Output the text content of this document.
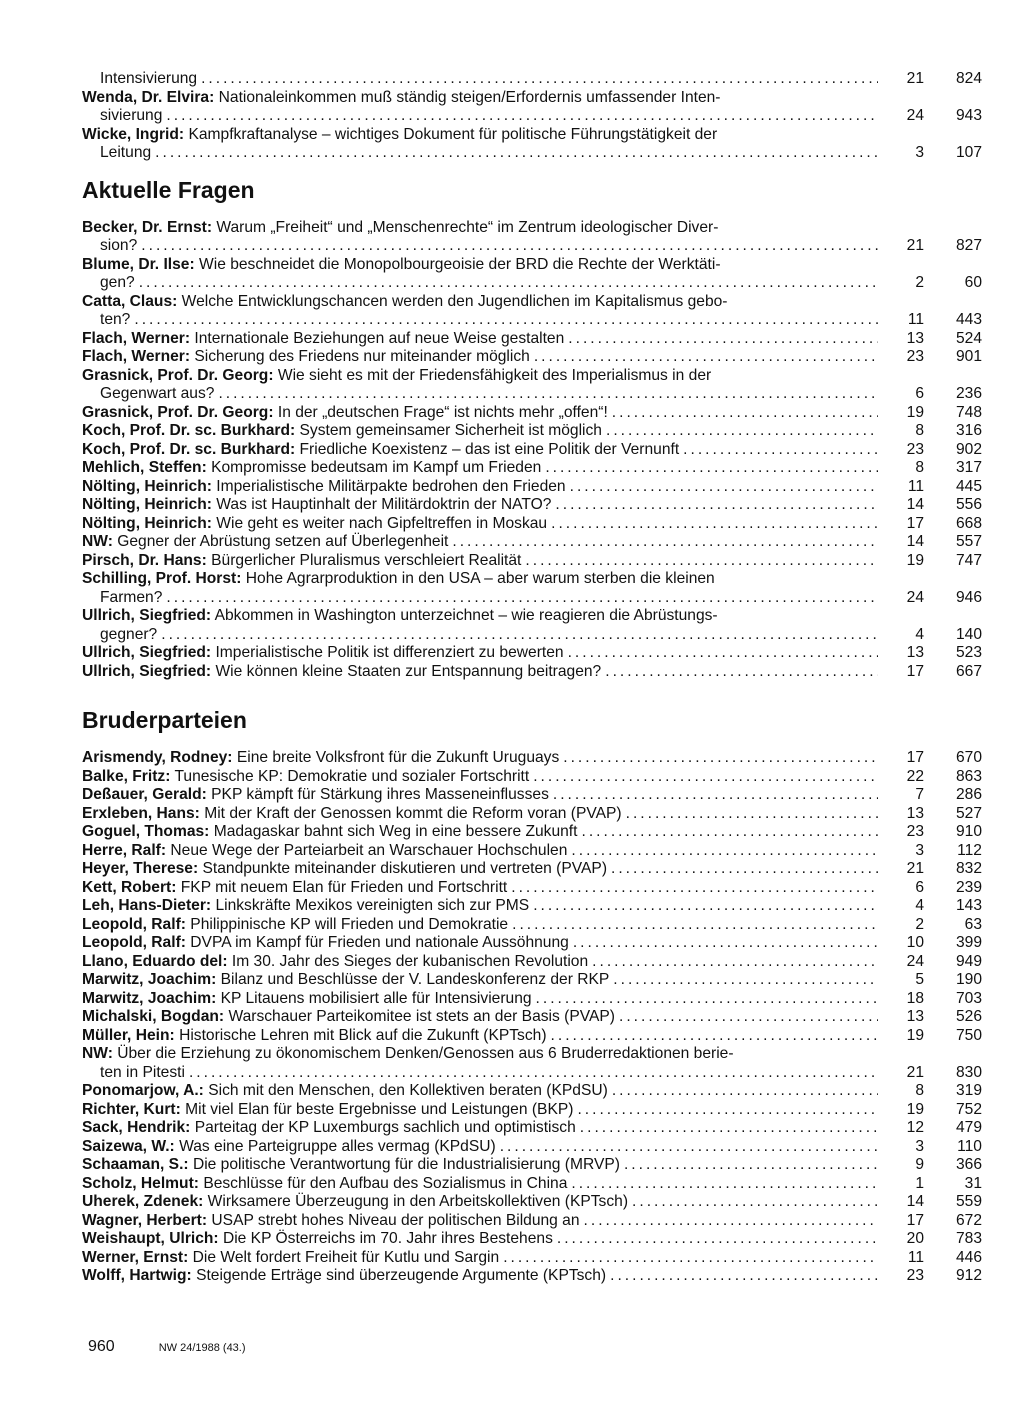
Intensivierung .....	21	824
Wenda, Dr. Elvira: Nationaleinkommen muß ständig steigen/Erfordernis umfassender Inten-
sivierung .....	24	943
Wicke, Ingrid: Kampfkraftanalyse – wichtiges Dokument für politische Führungstätigkeit der
Leitung .....	3	107
Aktuelle Fragen
Becker, Dr. Ernst: Warum „Freiheit“ und „Menschenrechte“ im Zentrum ideologischer Diver-
sion? .....	21	827
Blume, Dr. Ilse: Wie beschneidet die Monopolbourgeoisie der BRD die Rechte der Werktäti-
gen? .....	2	60
Catta, Claus: Welche Entwicklungschancen werden den Jugendlichen im Kapitalismus gebo-
ten? .....	11	443
Flach, Werner: Internationale Beziehungen auf neue Weise gestalten .....	13	524
Flach, Werner: Sicherung des Friedens nur miteinander möglich .....	23	901
Grasnick, Prof. Dr. Georg: Wie sieht es mit der Friedensfähigkeit des Imperialismus in der
Gegenwart aus? .....	6	236
Grasnick, Prof. Dr. Georg: In der „deutschen Frage“ ist nichts mehr „offen“! .....	19	748
Koch, Prof. Dr. sc. Burkhard: System gemeinsamer Sicherheit ist möglich .....	8	316
Koch, Prof. Dr. sc. Burkhard: Friedliche Koexistenz – das ist eine Politik der Vernunft .....	23	902
Mehlich, Steffen: Kompromisse bedeutsam im Kampf um Frieden .....	8	317
Nölting, Heinrich: Imperialistische Militärpakte bedrohen den Frieden .....	11	445
Nölting, Heinrich: Was ist Hauptinhalt der Militärdoktrin der NATO? .....	14	556
Nölting, Heinrich: Wie geht es weiter nach Gipfeltreffen in Moskau .....	17	668
NW: Gegner der Abrüstung setzen auf Überlegenheit .....	14	557
Pirsch, Dr. Hans: Bürgerlicher Pluralismus verschleiert Realität .....	19	747
Schilling, Prof. Horst: Hohe Agrarproduktion in den USA – aber warum sterben die kleinen
Farmen? .....	24	946
Ullrich, Siegfried: Abkommen in Washington unterzeichnet – wie reagieren die Abrüstungs-
gegner? .....	4	140
Ullrich, Siegfried: Imperialistische Politik ist differenziert zu bewerten .....	13	523
Ullrich, Siegfried: Wie können kleine Staaten zur Entspannung beitragen? .....	17	667
Bruderparteien
Arismendy, Rodney: Eine breite Volksfront für die Zukunft Uruguays .....	17	670
Balke, Fritz: Tunesische KP: Demokratie und sozialer Fortschritt .....	22	863
Deßauer, Gerald: PKP kämpft für Stärkung ihres Masseneinflusses .....	7	286
Erxleben, Hans: Mit der Kraft der Genossen kommt die Reform voran (PVAP) .....	13	527
Goguel, Thomas: Madagaskar bahnt sich Weg in eine bessere Zukunft .....	23	910
Herre, Ralf: Neue Wege der Parteiarbeit an Warschauer Hochschulen .....	3	112
Heyer, Therese: Standpunkte miteinander diskutieren und vertreten (PVAP) .....	21	832
Kett, Robert: FKP mit neuem Elan für Frieden und Fortschritt .....	6	239
Leh, Hans-Dieter: Linkskräfte Mexikos vereinigten sich zur PMS .....	4	143
Leopold, Ralf: Philippinische KP will Frieden und Demokratie .....	2	63
Leopold, Ralf: DVPA im Kampf für Frieden und nationale Aussöhnung .....	10	399
Llano, Eduardo del: Im 30. Jahr des Sieges der kubanischen Revolution .....	24	949
Marwitz, Joachim: Bilanz und Beschlüsse der V. Landeskonferenz der RKP .....	5	190
Marwitz, Joachim: KP Litauens mobilisiert alle für Intensivierung .....	18	703
Michalski, Bogdan: Warschauer Parteikomitee ist stets an der Basis (PVAP) .....	13	526
Müller, Hein: Historische Lehren mit Blick auf die Zukunft (KPTsch) .....	19	750
NW: Über die Erziehung zu ökonomischem Denken/Genossen aus 6 Bruderredaktionen berie-
ten in Pitesti .....	21	830
Ponomarjow, A.: Sich mit den Menschen, den Kollektiven beraten (KPdSU) .....	8	319
Richter, Kurt: Mit viel Elan für beste Ergebnisse und Leistungen (BKP) .....	19	752
Sack, Hendrik: Parteitag der KP Luxemburgs sachlich und optimistisch .....	12	479
Saizewa, W.: Was eine Parteigruppe alles vermag (KPdSU) .....	3	110
Schaaman, S.: Die politische Verantwortung für die Industrialisierung (MRVP) .....	9	366
Scholz, Helmut: Beschlüsse für den Aufbau des Sozialismus in China .....	1	31
Uherek, Zdenek: Wirksamere Überzeugung in den Arbeitskollektiven (KPTsch) .....	14	559
Wagner, Herbert: USAP strebt hohes Niveau der politischen Bildung an .....	17	672
Weishaupt, Ulrich: Die KP Österreichs im 70. Jahr ihres Bestehens .....	20	783
Werner, Ernst: Die Welt fordert Freiheit für Kutlu und Sargin .....	11	446
Wolff, Hartwig: Steigende Erträge sind überzeugende Argumente (KPTsch) .....	23	912
960	NW 24/1988 (43.)
